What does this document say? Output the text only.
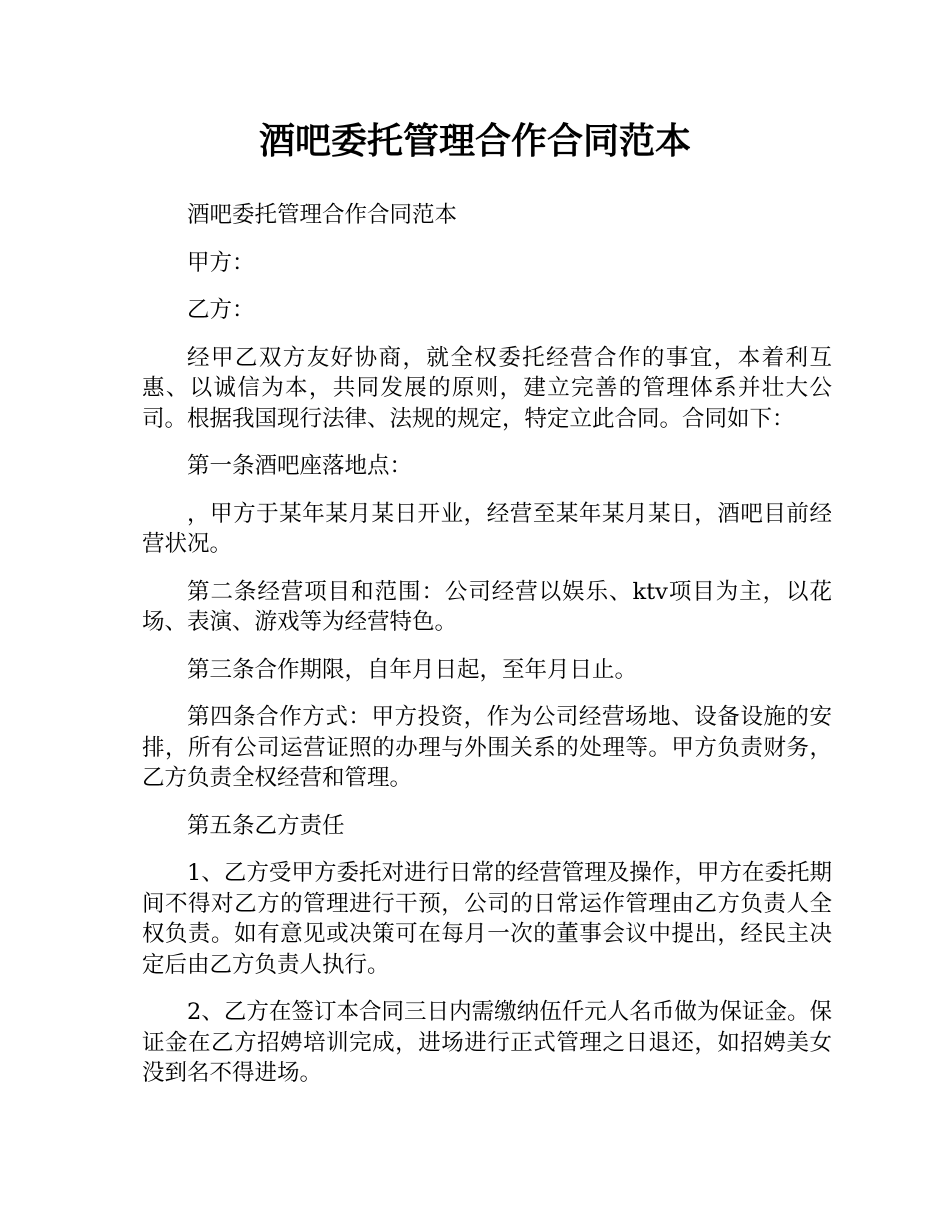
酒吧委托管理合作合同范本

酒吧委托管理合作合同范本

甲方：

乙方：

经甲乙双方友好协商，就全权委托经营合作的事宜，本着利互惠、以诚信为本，共同发展的原则，建立完善的管理体系并壮大公司。根据我国现行法律、法规的规定，特定立此合同。合同如下：

第一条酒吧座落地点：

，甲方于某年某月某日开业，经营至某年某月某日，酒吧目前经营状况。

第二条经营项目和范围：公司经营以娱乐、ktv项目为主，以花场、表演、游戏等为经营特色。

第三条合作期限，自年月日起，至年月日止。

第四条合作方式：甲方投资，作为公司经营场地、设备设施的安排，所有公司运营证照的办理与外围关系的处理等。甲方负责财务，乙方负责全权经营和管理。

第五条乙方责任

1、乙方受甲方委托对进行日常的经营管理及操作，甲方在委托期间不得对乙方的管理进行干预，公司的日常运作管理由乙方负责人全权负责。如有意见或决策可在每月一次的董事会议中提出，经民主决定后由乙方负责人执行。

2、乙方在签订本合同三日内需缴纳伍仟元人名币做为保证金。保证金在乙方招娉培训完成，进场进行正式管理之日退还，如招娉美女没到名不得进场。
